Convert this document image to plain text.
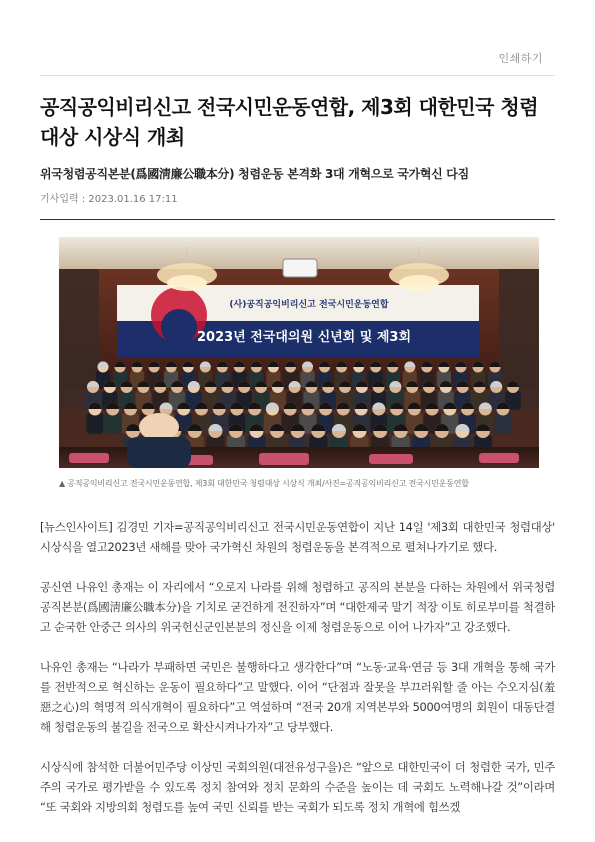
인쇄하기
공직공익비리신고 전국시민운동연합, 제3회 대한민국 청렴대상 시상식 개최
위국청렴공직본분(爲國淸廉公職本分) 청렴운동 본격화 3대 개혁으로 국가혁신 다짐
기사입력 : 2023.01.16 17:11
(사)공직공익비리신고 전국시민운동연합
2023년 전국대의원 신년회 및 제3회
▲ 공직공익비리신고 전국시민운동연합, 제3회 대한민국 청렴대상 시상식 개최/사진=공직공익비리신고 전국시민운동연합

[뉴스인사이트] 김경민 기자=공직공익비리신고 전국시민운동연합이 지난 14일 '제3회 대한민국 청렴대상' 시상식을 열고2023년 새해를 맞아 국가혁신 차원의 청렴운동을 본격적으로 펼쳐나가기로 했다.

공신연 나유인 총재는 이 자리에서 “오로지 나라를 위해 청렴하고 공직의 본분을 다하는 차원에서 위국청렴공직본분(爲國淸廉公職本分)을 기치로 굳건하게 전진하자”며 “대한제국 말기 적장 이토 히로부미를 척결하고 순국한 안중근 의사의 위국헌신군인본분의 정신을 이제 청렴운동으로 이어 나가자”고 강조했다.

나유인 총재는 “나라가 부패하면 국민은 불행하다고 생각한다”며 “노동·교육·연금 등 3대 개혁을 통해 국가를 전반적으로 혁신하는 운동이 필요하다”고 말했다. 이어 “단점과 잘못을 부끄러워할 줄 아는 수오지심(羞惡之心)의 혁명적 의식개혁이 필요하다”고 역설하며 “전국 20개 지역본부와 5000여명의 회원이 대동단결해 청렴운동의 불길을 전국으로 확산시켜나가자”고 당부했다.

시상식에 참석한 더불어민주당 이상민 국회의원(대전유성구을)은 “앞으로 대한민국이 더 청렴한 국가, 민주주의 국가로 평가받을 수 있도록 정치 참여와 정치 문화의 수준을 높이는 데 국회도 노력해나갈 것”이라며 “또 국회와 지방의회 청렴도를 높여 국민 신뢰를 받는 국회가 되도록 정치 개혁에 힘쓰겠
